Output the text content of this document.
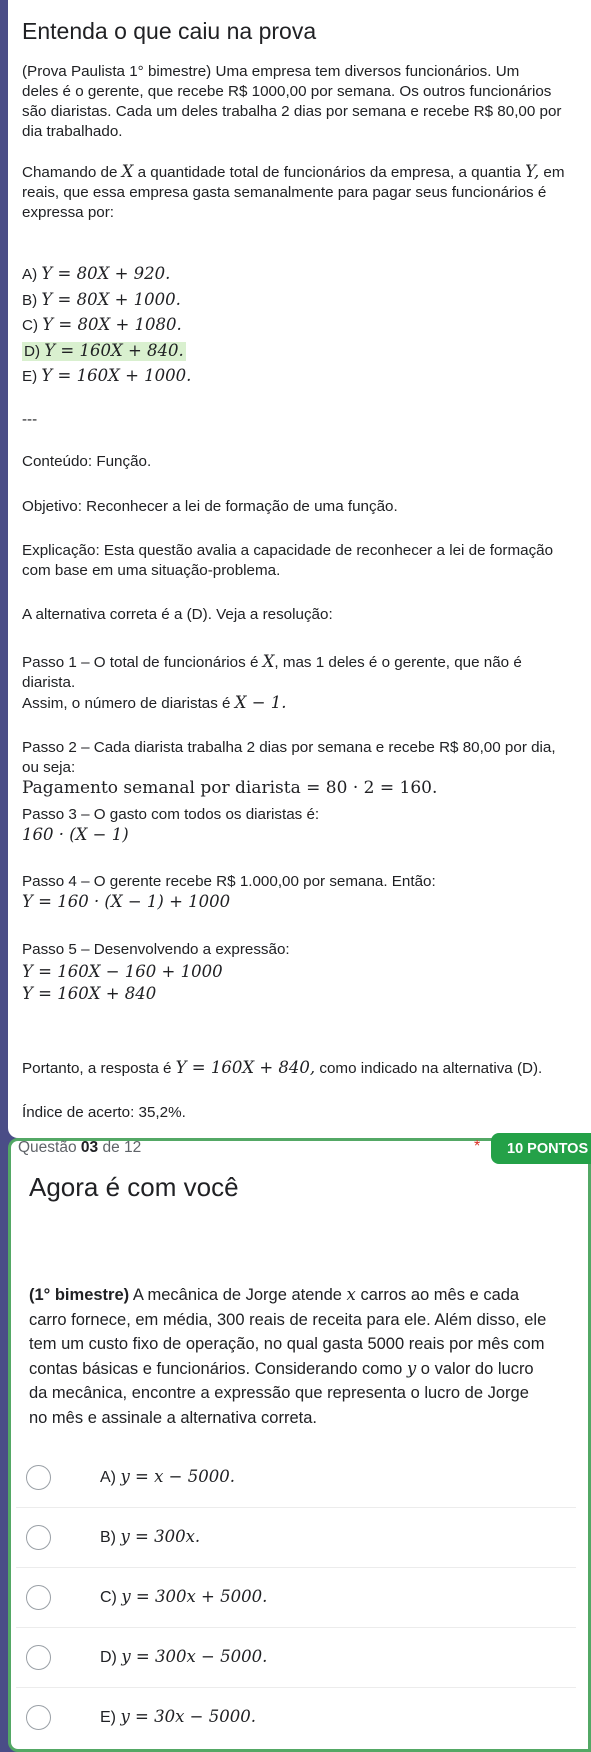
Entenda o que caiu na prova
(Prova Paulista 1° bimestre) Uma empresa tem diversos funcionários. Um
deles é o gerente, que recebe R$ 1000,00 por semana. Os outros funcionários
são diaristas. Cada um deles trabalha 2 dias por semana e recebe R$ 80,00 por
dia trabalhado.
Chamando de X a quantidade total de funcionários da empresa, a quantia Y, em
reais, que essa empresa gasta semanalmente para pagar seus funcionários é
expressa por:
A) Y = 80X + 920.
B) Y = 80X + 1000.
C) Y = 80X + 1080.
D) Y = 160X + 840.
E) Y = 160X + 1000.
---
Conteúdo: Função.
Objetivo: Reconhecer a lei de formação de uma função.
Explicação: Esta questão avalia a capacidade de reconhecer a lei de formação
com base em uma situação-problema.
A alternativa correta é a (D). Veja a resolução:
Passo 1 – O total de funcionários é X, mas 1 deles é o gerente, que não é
diarista.
Assim, o número de diaristas é X − 1.
Passo 2 – Cada diarista trabalha 2 dias por semana e recebe R$ 80,00 por dia,
ou seja:
Pagamento semanal por diarista = 80 · 2 = 160.
Passo 3 – O gasto com todos os diaristas é:
160 · (X − 1)
Passo 4 – O gerente recebe R$ 1.000,00 por semana. Então:
Y = 160 · (X − 1) + 1000
Passo 5 – Desenvolvendo a expressão:
Y = 160X − 160 + 1000
Y = 160X + 840
Portanto, a resposta é Y = 160X + 840, como indicado na alternativa (D).
Índice de acerto: 35,2%.
Questão 03 de 12	*	10 PONTOS
Agora é com você
(1° bimestre) A mecânica de Jorge atende x carros ao mês e cada
carro fornece, em média, 300 reais de receita para ele. Além disso, ele
tem um custo fixo de operação, no qual gasta 5000 reais por mês com
contas básicas e funcionários. Considerando como y o valor do lucro
da mecânica, encontre a expressão que representa o lucro de Jorge
no mês e assinale a alternativa correta.
A) y = x − 5000.
B) y = 300x.
C) y = 300x + 5000.
D) y = 300x − 5000.
E) y = 30x − 5000.
